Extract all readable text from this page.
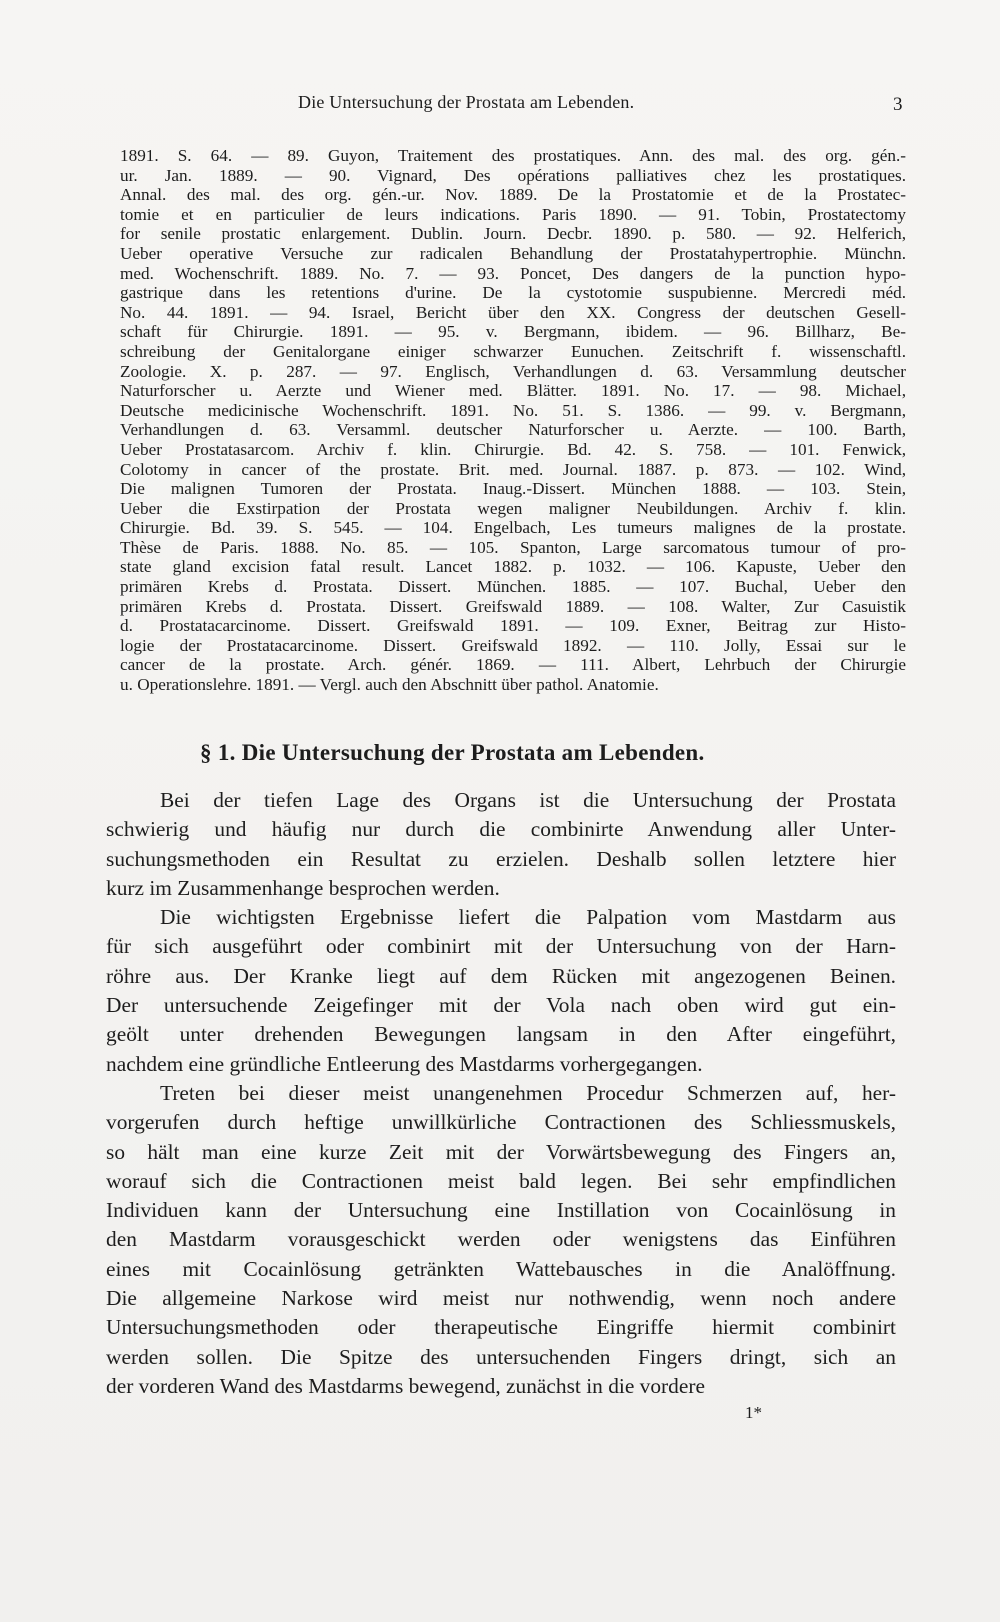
Die Untersuchung der Prostata am Lebenden.	3
1891. S. 64. — 89. Guyon, Traitement des prostatiques. Ann. des mal. des org. gén.-
ur. Jan. 1889. — 90. Vignard, Des opérations palliatives chez les prostatiques.
Annal. des mal. des org. gén.-ur. Nov. 1889. De la Prostatomie et de la Prostatec-
tomie et en particulier de leurs indications. Paris 1890. — 91. Tobin, Prostatectomy
for senile prostatic enlargement. Dublin. Journ. Decbr. 1890. p. 580. — 92. Helferich,
Ueber operative Versuche zur radicalen Behandlung der Prostatahypertrophie. Münchn.
med. Wochenschrift. 1889. No. 7. — 93. Poncet, Des dangers de la punction hypo-
gastrique dans les retentions d'urine. De la cystotomie suspubienne. Mercredi méd.
No. 44. 1891. — 94. Israel, Bericht über den XX. Congress der deutschen Gesell-
schaft für Chirurgie. 1891. — 95. v. Bergmann, ibidem. — 96. Billharz, Be-
schreibung der Genitalorgane einiger schwarzer Eunuchen. Zeitschrift f. wissenschaftl.
Zoologie. X. p. 287. — 97. Englisch, Verhandlungen d. 63. Versammlung deutscher
Naturforscher u. Aerzte und Wiener med. Blätter. 1891. No. 17. — 98. Michael,
Deutsche medicinische Wochenschrift. 1891. No. 51. S. 1386. — 99. v. Bergmann,
Verhandlungen d. 63. Versamml. deutscher Naturforscher u. Aerzte. — 100. Barth,
Ueber Prostatasarcom. Archiv f. klin. Chirurgie. Bd. 42. S. 758. — 101. Fenwick,
Colotomy in cancer of the prostate. Brit. med. Journal. 1887. p. 873. — 102. Wind,
Die malignen Tumoren der Prostata. Inaug.-Dissert. München 1888. — 103. Stein,
Ueber die Exstirpation der Prostata wegen maligner Neubildungen. Archiv f. klin.
Chirurgie. Bd. 39. S. 545. — 104. Engelbach, Les tumeurs malignes de la prostate.
Thèse de Paris. 1888. No. 85. — 105. Spanton, Large sarcomatous tumour of pro-
state gland excision fatal result. Lancet 1882. p. 1032. — 106. Kapuste, Ueber den
primären Krebs d. Prostata. Dissert. München. 1885. — 107. Buchal, Ueber den
primären Krebs d. Prostata. Dissert. Greifswald 1889. — 108. Walter, Zur Casuistik
d. Prostatacarcinome. Dissert. Greifswald 1891. — 109. Exner, Beitrag zur Histo-
logie der Prostatacarcinome. Dissert. Greifswald 1892. — 110. Jolly, Essai sur le
cancer de la prostate. Arch. génér. 1869. — 111. Albert, Lehrbuch der Chirurgie
u. Operationslehre. 1891. — Vergl. auch den Abschnitt über pathol. Anatomie.
§ 1. Die Untersuchung der Prostata am Lebenden.
Bei der tiefen Lage des Organs ist die Untersuchung der Prostata
schwierig und häufig nur durch die combinirte Anwendung aller Unter-
suchungsmethoden ein Resultat zu erzielen. Deshalb sollen letztere hier
kurz im Zusammenhange besprochen werden.
Die wichtigsten Ergebnisse liefert die Palpation vom Mastdarm aus
für sich ausgeführt oder combinirt mit der Untersuchung von der Harn-
röhre aus. Der Kranke liegt auf dem Rücken mit angezogenen Beinen.
Der untersuchende Zeigefinger mit der Vola nach oben wird gut ein-
geölt unter drehenden Bewegungen langsam in den After eingeführt,
nachdem eine gründliche Entleerung des Mastdarms vorhergegangen.
Treten bei dieser meist unangenehmen Procedur Schmerzen auf, her-
vorgerufen durch heftige unwillkürliche Contractionen des Schliessmuskels,
so hält man eine kurze Zeit mit der Vorwärtsbewegung des Fingers an,
worauf sich die Contractionen meist bald legen. Bei sehr empfindlichen
Individuen kann der Untersuchung eine Instillation von Cocainlösung in
den Mastdarm vorausgeschickt werden oder wenigstens das Einführen
eines mit Cocainlösung getränkten Wattebausches in die Analöffnung.
Die allgemeine Narkose wird meist nur nothwendig, wenn noch andere
Untersuchungsmethoden oder therapeutische Eingriffe hiermit combinirt
werden sollen. Die Spitze des untersuchenden Fingers dringt, sich an
der vorderen Wand des Mastdarms bewegend, zunächst in die vordere
1*
